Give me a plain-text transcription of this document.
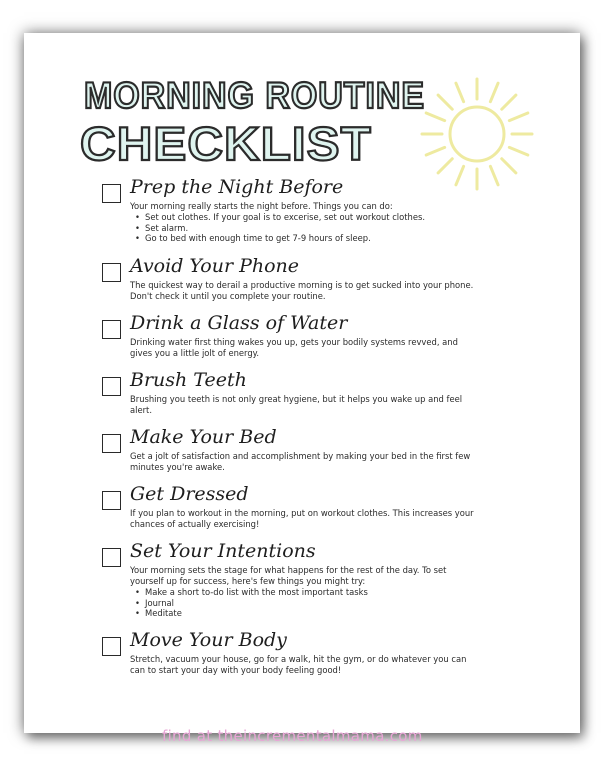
MORNING ROUTINE
CHECKLIST

Prep the Night Before

Your morning really starts the night before. Things you can do:

• Set out clothes. If your goal is to excerise, set out workout clothes.
• Set alarm.
• Go to bed with enough time to get 7-9 hours of sleep.

Avoid Your Phone

The quickest way to derail a productive morning is to get sucked into your phone. Don't check it until you complete your routine.

Drink a Glass of Water

Drinking water first thing wakes you up, gets your bodily systems revved, and gives you a little jolt of energy.

Brush Teeth

Brushing you teeth is not only great hygiene, but it helps you wake up and feel alert.

Make Your Bed

Get a jolt of satisfaction and accomplishment by making your bed in the first few minutes you're awake.

Get Dressed

If you plan to workout in the morning, put on workout clothes. This increases your chances of actually exercising!

Set Your Intentions

Your morning sets the stage for what happens for the rest of the day. To set yourself up for success, here's few things you might try:

• Make a short to-do list with the most important tasks
• Journal
• Meditate

Move Your Body

Stretch, vacuum your house, go for a walk, hit the gym, or do whatever you can can to start your day with your body feeling good!

find at theincrementalmama.com
